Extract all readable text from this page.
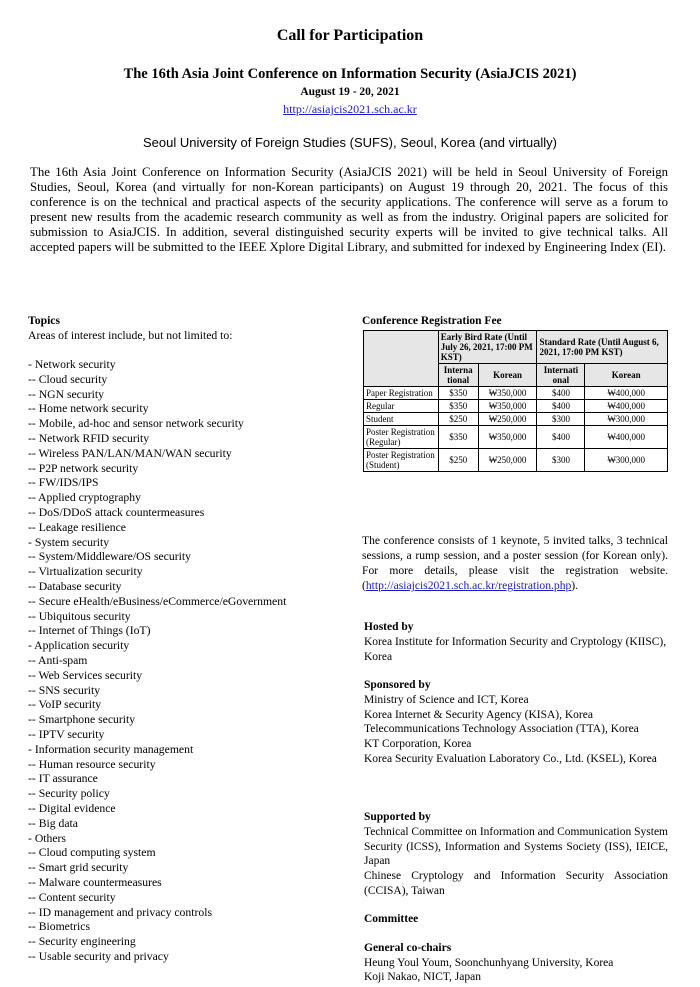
Call for Participation
The 16th Asia Joint Conference on Information Security (AsiaJCIS 2021)
August 19 - 20, 2021
http://asiajcis2021.sch.ac.kr
Seoul University of Foreign Studies (SUFS), Seoul, Korea (and virtually)
The 16th Asia Joint Conference on Information Security (AsiaJCIS 2021) will be held in Seoul University of Foreign Studies, Seoul, Korea (and virtually for non-Korean participants) on August 19 through 20, 2021. The focus of this conference is on the technical and practical aspects of the security applications. The conference will serve as a forum to present new results from the academic research community as well as from the industry. Original papers are solicited for submission to AsiaJCIS. In addition, several distinguished security experts will be invited to give technical talks. All accepted papers will be submitted to the IEEE Xplore Digital Library, and submitted for indexed by Engineering Index (EI).
Topics
Areas of interest include, but not limited to:
- Network security
-- Cloud security
-- NGN security
-- Home network security
-- Mobile, ad-hoc and sensor network security
-- Network RFID security
-- Wireless PAN/LAN/MAN/WAN security
-- P2P network security
-- FW/IDS/IPS
-- Applied cryptography
-- DoS/DDoS attack countermeasures
-- Leakage resilience
- System security
-- System/Middleware/OS security
-- Virtualization security
-- Database security
-- Secure eHealth/eBusiness/eCommerce/eGovernment
-- Ubiquitous security
-- Internet of Things (IoT)
- Application security
-- Anti-spam
-- Web Services security
-- SNS security
-- VoIP security
-- Smartphone security
-- IPTV security
- Information security management
-- Human resource security
-- IT assurance
-- Security policy
-- Digital evidence
-- Big data
- Others
-- Cloud computing system
-- Smart grid security
-- Malware countermeasures
-- Content security
-- ID management and privacy controls
-- Biometrics
-- Security engineering
-- Usable security and privacy
Conference Registration Fee
	Early Bird Rate (Until July 26, 2021, 17:00 PM KST)		Standard Rate (Until August 6, 2021, 17:00 PM KST)	
	Interna tional	Korean	Internati onal	Korean
Paper Registration	$350	₩350,000	$400	₩400,000
Regular	$350	₩350,000	$400	₩400,000
Student	$250	₩250,000	$300	₩300,000
Poster Registration (Regular)	$350	₩350,000	$400	₩400,000
Poster Registration (Student)	$250	₩250,000	$300	₩300,000
The conference consists of 1 keynote, 5 invited talks, 3 technical sessions, a rump session, and a poster session (for Korean only). For more details, please visit the registration website. (http://asiajcis2021.sch.ac.kr/registration.php).

Hosted by

Korea Institute for Information Security and Cryptology (KIISC), Korea

Sponsored by

Ministry of Science and ICT, Korea

Korea Internet & Security Agency (KISA), Korea

Telecommunications Technology Association (TTA), Korea

KT Corporation, Korea

Korea Security Evaluation Laboratory Co., Ltd. (KSEL), Korea

Supported by

Technical Committee on Information and Communication System Security (ICSS), Information and Systems Society (ISS), IEICE, Japan

Chinese Cryptology and Information Security Association (CCISA), Taiwan

Committee

General co-chairs

Heung Youl Youm, Soonchunhyang University, Korea

Koji Nakao, NICT, Japan
